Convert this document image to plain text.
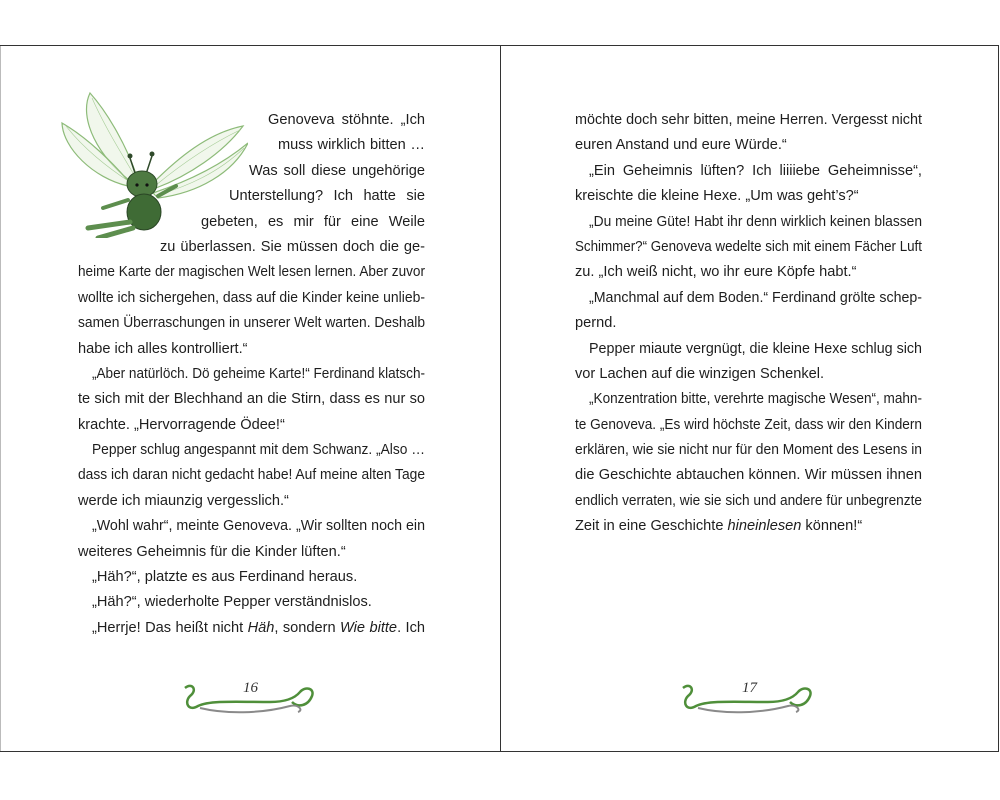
Genoveva stöhnte. „Ich
muss wirklich bitten …
Was soll diese ungehörige
Unterstellung? Ich hatte sie
gebeten, es mir für eine Weile
zu überlassen. Sie müssen doch die ge-
heime Karte der magischen Welt lesen lernen. Aber zuvor
wollte ich sichergehen, dass auf die Kinder keine unlieb-
samen Überraschungen in unserer Welt warten. Deshalb
habe ich alles kontrolliert.“
„Aber natürlöch. Dö geheime Karte!“ Ferdinand klatsch-
te sich mit der Blechhand an die Stirn, dass es nur so
krachte. „Hervorragende Ödee!“
Pepper schlug angespannt mit dem Schwanz. „Also …
dass ich daran nicht gedacht habe! Auf meine alten Tage
werde ich miaunzig vergesslich.“
„Wohl wahr“, meinte Genoveva. „Wir sollten noch ein
weiteres Geheimnis für die Kinder lüften.“
„Häh?“, platzte es aus Ferdinand heraus.
„Häh?“, wiederholte Pepper verständnislos.
„Herrje! Das heißt nicht Häh, sondern Wie bitte. Ich
möchte doch sehr bitten, meine Herren. Vergesst nicht
euren Anstand und eure Würde.“
„Ein Geheimnis lüften? Ich liiiiebe Geheimnisse“,
kreischte die kleine Hexe. „Um was geht’s?“
„Du meine Güte! Habt ihr denn wirklich keinen blassen
Schimmer?“ Genoveva wedelte sich mit einem Fächer Luft
zu. „Ich weiß nicht, wo ihr eure Köpfe habt.“
„Manchmal auf dem Boden.“ Ferdinand grölte schep-
pernd.
Pepper miaute vergnügt, die kleine Hexe schlug sich
vor Lachen auf die winzigen Schenkel.
„Konzentration bitte, verehrte magische Wesen“, mahn-
te Genoveva. „Es wird höchste Zeit, dass wir den Kindern
erklären, wie sie nicht nur für den Moment des Lesens in
die Geschichte abtauchen können. Wir müssen ihnen
endlich verraten, wie sie sich und andere für unbegrenzte
Zeit in eine Geschichte hineinlesen können!“
16	17
